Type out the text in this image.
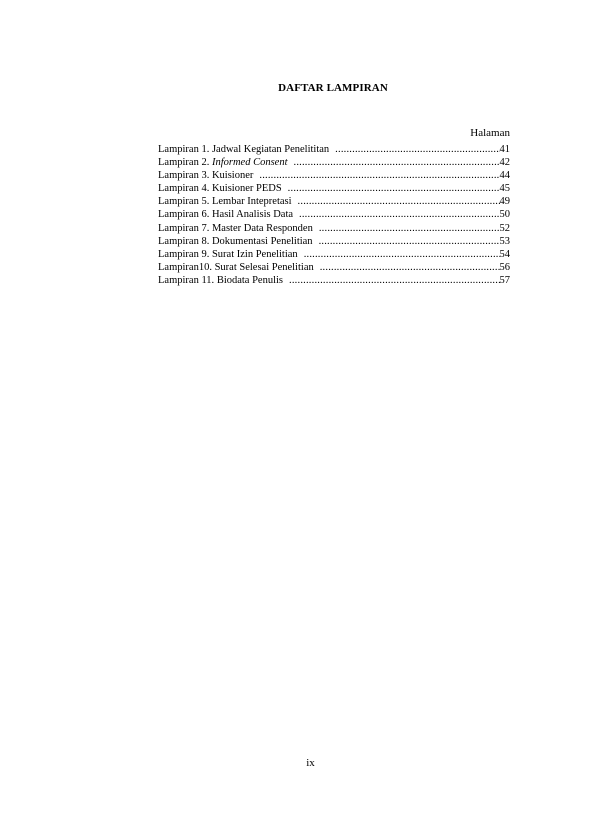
DAFTAR LAMPIRAN
Halaman
Lampiran 1. Jadwal Kegiatan Penelititan .....	41
Lampiran 2. Informed Consent .....	42
Lampiran 3. Kuisioner .....	44
Lampiran 4. Kuisioner PEDS .....	45
Lampiran 5. Lembar Intepretasi .....	49
Lampiran 6. Hasil Analisis Data .....	50
Lampiran 7. Master Data Responden .....	52
Lampiran 8. Dokumentasi Penelitian .....	53
Lampiran 9. Surat Izin Penelitian .....	54
Lampiran10. Surat Selesai Penelitian .....	56
Lampiran 11. Biodata Penulis .....	57
ix
